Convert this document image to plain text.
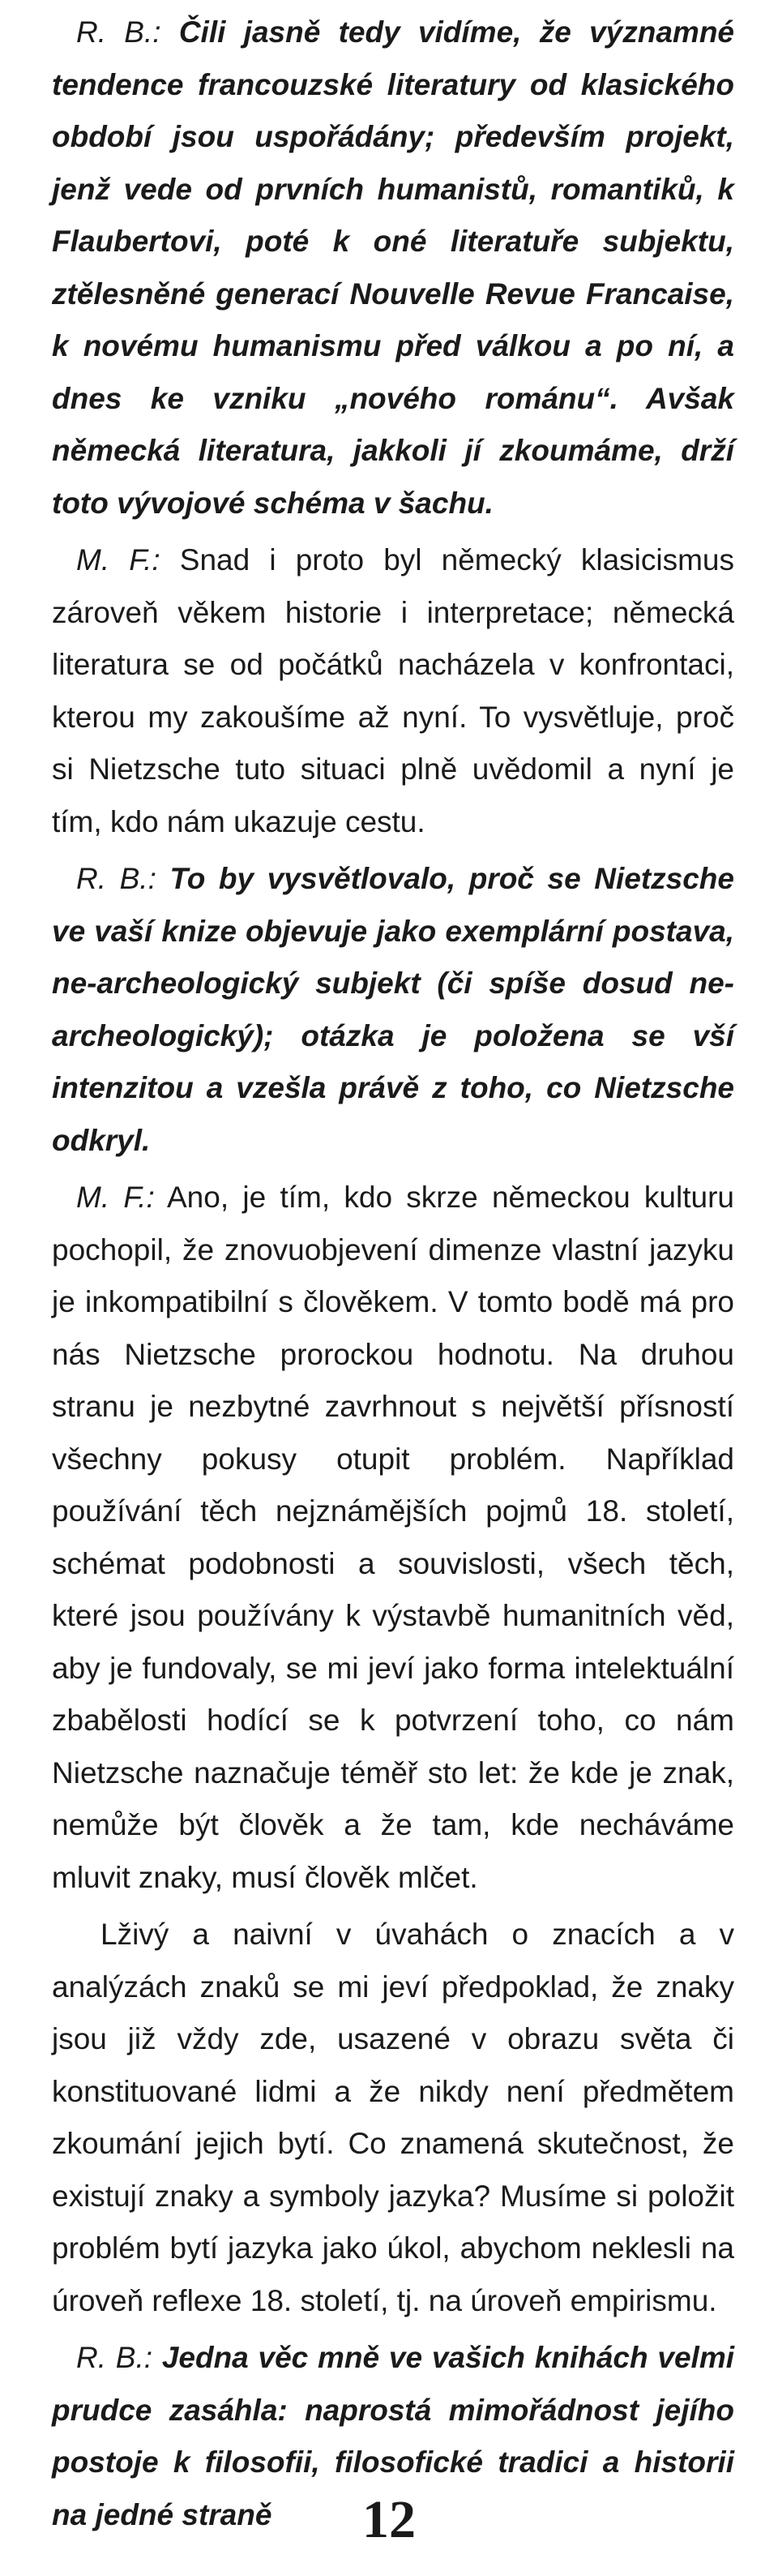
R. B.: Čili jasně tedy vidíme, že významné tendence francouzské literatury od klasického období jsou uspořádány; především projekt, jenž vede od prvních humanistů, romantiků, k Flaubertovi, poté k oné literatuře subjektu, ztělesněné generací Nouvelle Revue Francaise, k novému humanismu před válkou a po ní, a dnes ke vzniku „nového románu“. Avšak německá literatura, jakkoli jí zkoumáme, drží toto vývojové schéma v šachu.

M. F.: Snad i proto byl německý klasicismus zároveň věkem historie i interpretace; německá literatura se od počátků nacházela v konfrontaci, kterou my zakoušíme až nyní. To vysvětluje, proč si Nietzsche tuto situaci plně uvědomil a nyní je tím, kdo nám ukazuje cestu.

R. B.: To by vysvětlovalo, proč se Nietzsche ve vaší knize objevuje jako exemplární postava, ne-archeologický subjekt (či spíše dosud ne-archeologický); otázka je položena se vší intenzitou a vzešla právě z toho, co Nietzsche odkryl.

M. F.: Ano, je tím, kdo skrze německou kulturu pochopil, že znovuobjevení dimenze vlastní jazyku je inkompatibilní s člověkem. V tomto bodě má pro nás Nietzsche prorockou hodnotu. Na druhou stranu je nezbytné zavrhnout s největší přísností všechny pokusy otupit problém. Například používání těch nejznámějších pojmů 18. století, schémat podobnosti a souvislosti, všech těch, které jsou používány k výstavbě humanitních věd, aby je fundovaly, se mi jeví jako forma intelektuální zbabělosti hodící se k potvrzení toho, co nám Nietzsche naznačuje téměř sto let: že kde je znak, nemůže být člověk a že tam, kde necháváme mluvit znaky, musí člověk mlčet.

Lživý a naivní v úvahách o znacích a v analýzách znaků se mi jeví předpoklad, že znaky jsou již vždy zde, usazené v obrazu světa či konstituované lidmi a že nikdy není předmětem zkoumání jejich bytí. Co znamená skutečnost, že existují znaky a symboly jazyka? Musíme si položit problém bytí jazyka jako úkol, abychom neklesli na úroveň reflexe 18. století, tj. na úroveň empirismu.

R. B.: Jedna věc mně ve vašich knihách velmi prudce zasáhla: naprostá mimořádnost jejího postoje k filosofii, filosofické tradici a historii na jedné straně	12
